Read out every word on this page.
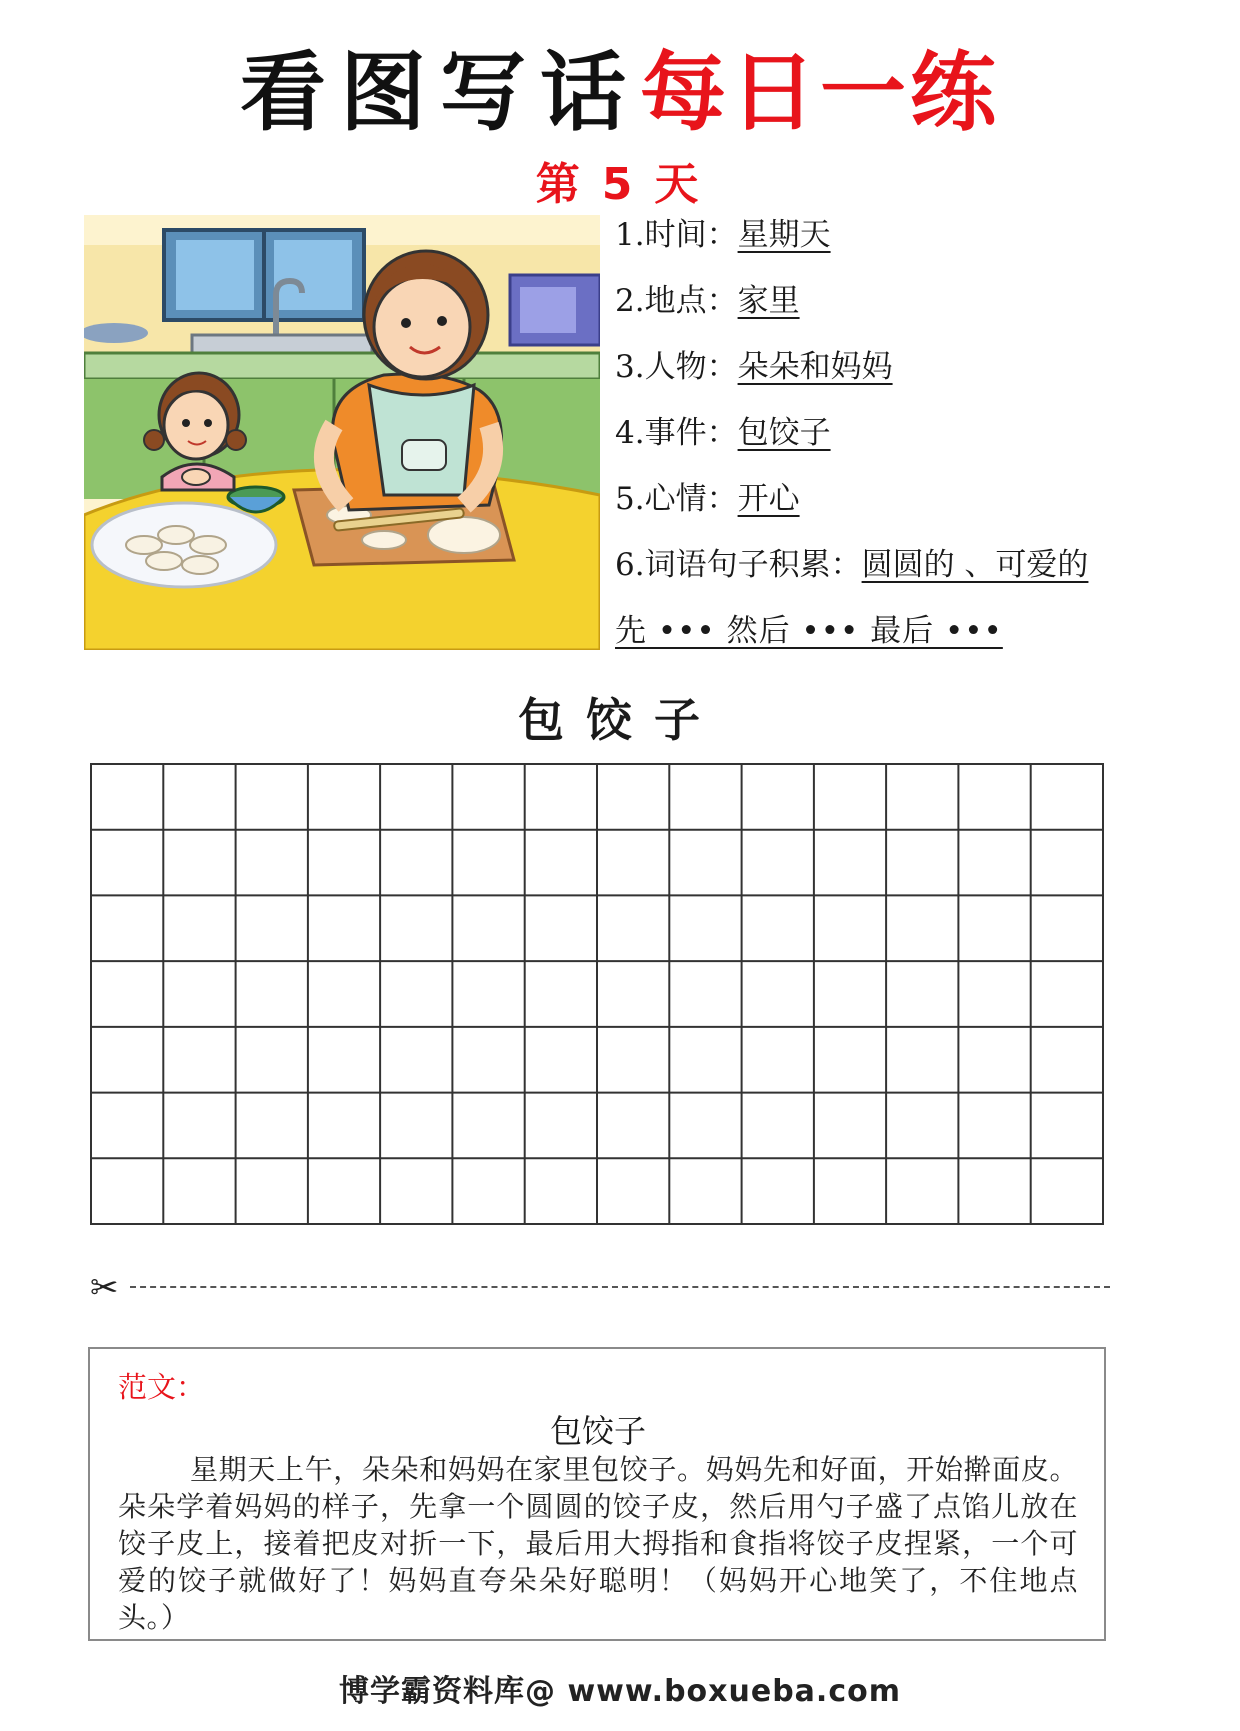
看图写话每日一练
第 5 天
1.时间：星期天
2.地点：家里
3.人物：朵朵和妈妈
4.事件：包饺子
5.心情：开心
6.词语句子积累：圆圆的 、可爱的
先 ••• 然后 ••• 最后 •••
包饺子
✂
范文：
包饺子
星期天上午，朵朵和妈妈在家里包饺子。妈妈先和好面，开始擀面皮。朵朵学着妈妈的样子，先拿一个圆圆的饺子皮，然后用勺子盛了点馅儿放在饺子皮上，接着把皮对折一下，最后用大拇指和食指将饺子皮捏紧，一个可爱的饺子就做好了！妈妈直夸朵朵好聪明！（妈妈开心地笑了，不住地点头。）
博学霸资料库@ www.boxueba.com
